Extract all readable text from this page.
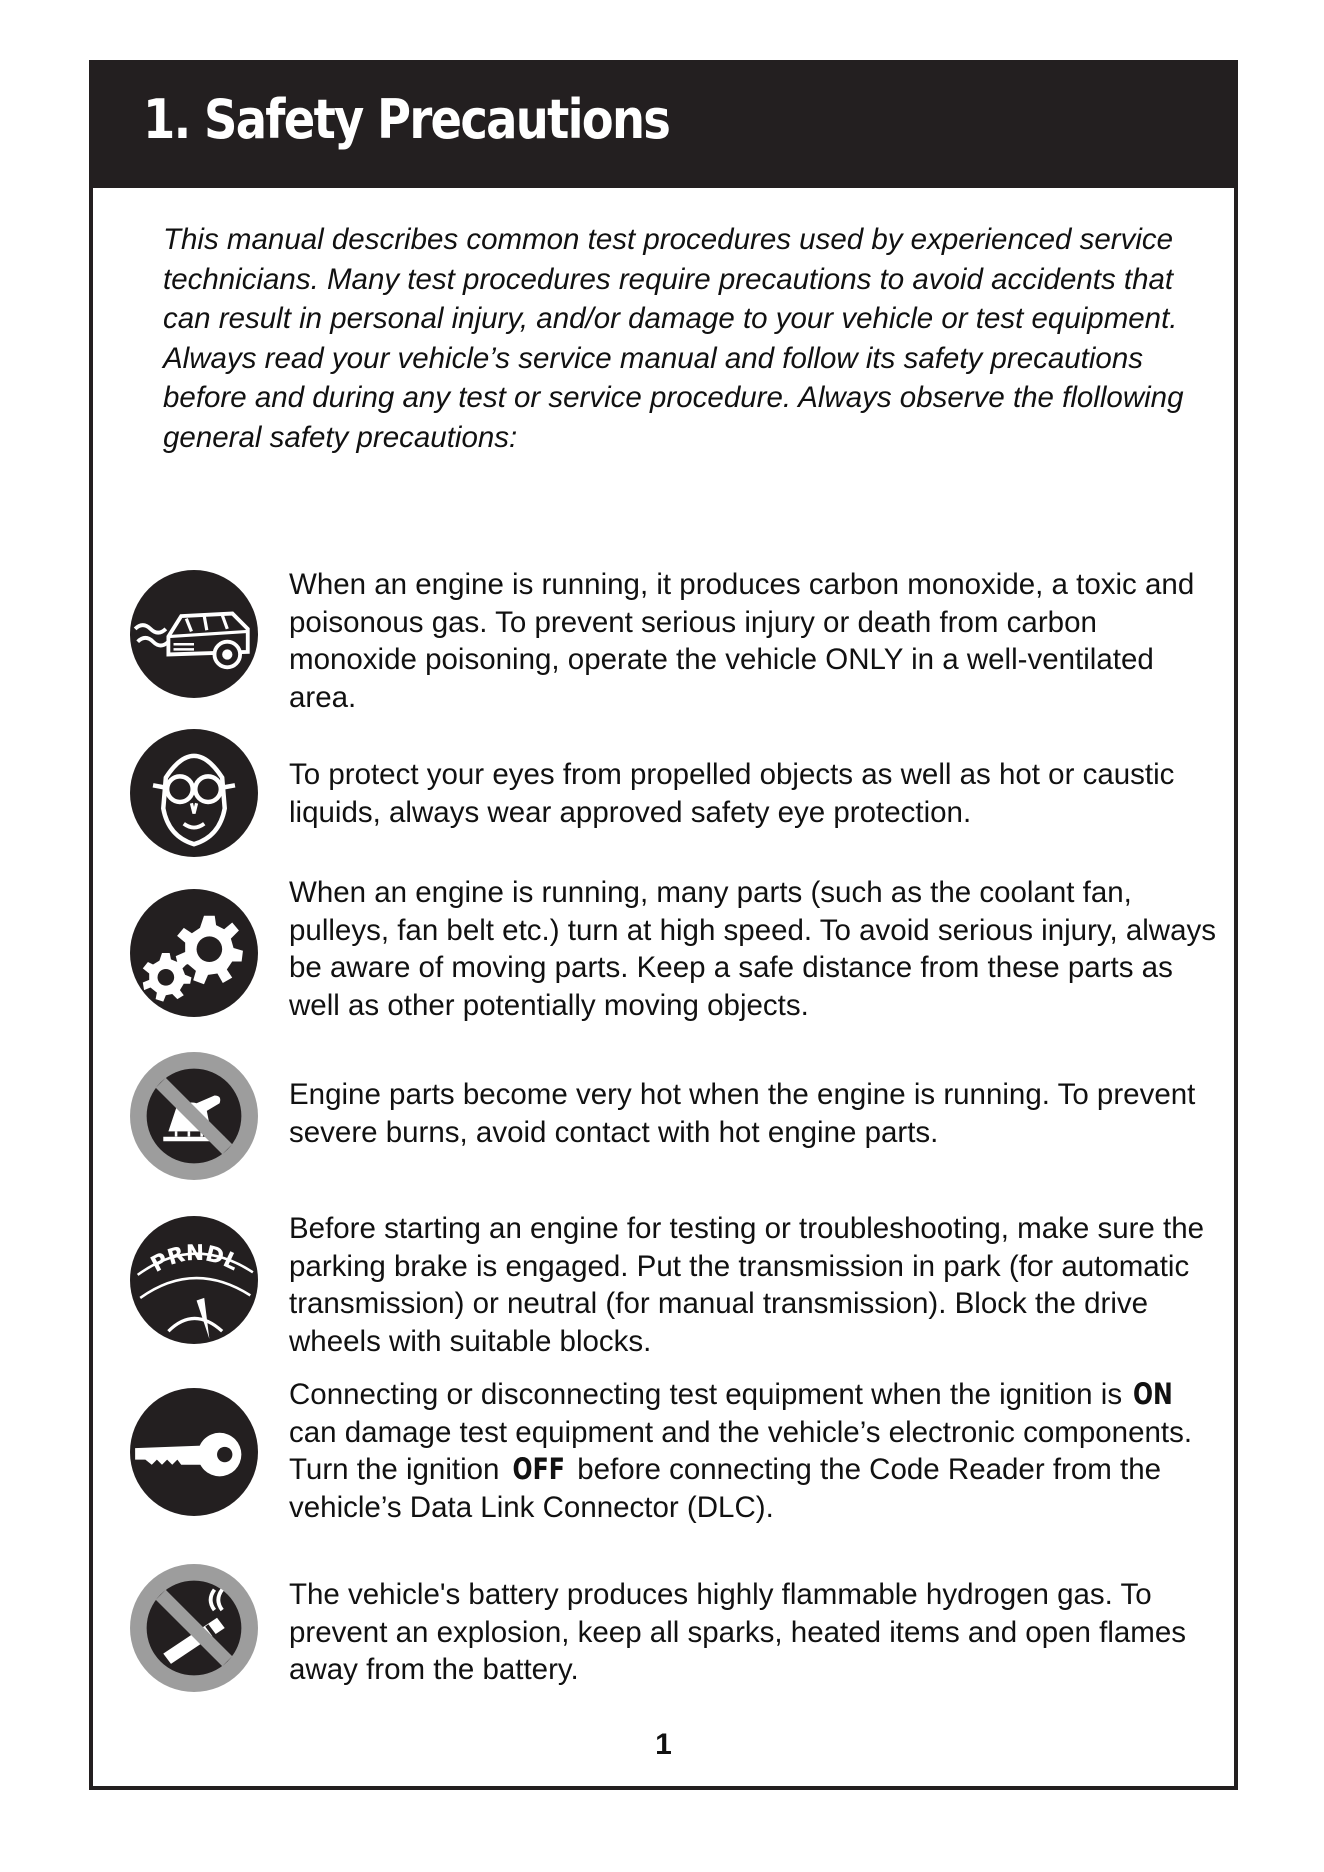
1. Safety Precautions

This manual describes common test procedures used by experienced service technicians. Many test procedures require precautions to avoid accidents that can result in personal injury, and/or damage to your vehicle or test equipment. Always read your vehicle’s service manual and follow its safety precautions before and during any test or service procedure. Always observe the flollowing general safety precautions:

When an engine is running, it produces carbon monoxide, a toxic and poisonous gas. To prevent serious injury or death from carbon monoxide poisoning, operate the vehicle ONLY in a well-ventilated area.

To protect your eyes from propelled objects as well as hot or caustic liquids, always wear approved safety eye protection.

When an engine is running, many parts (such as the coolant fan, pulleys, fan belt etc.) turn at high speed. To avoid serious injury, always be aware of moving parts. Keep a safe distance from these parts as well as other potentially moving objects.

Engine parts become very hot when the engine is running. To prevent severe burns, avoid contact with hot engine parts.

PRNDL

Before starting an engine for testing or troubleshooting, make sure the parking brake is engaged. Put the transmission in park (for automatic transmission) or neutral (for manual transmission). Block the drive wheels with suitable blocks.

Connecting or disconnecting test equipment when the ignition is ON can damage test equipment and the vehicle’s electronic components. Turn the ignition OFF before connecting the Code Reader from the vehicle’s Data Link Connector (DLC).

The vehicle's battery produces highly flammable hydrogen gas. To prevent an explosion, keep all sparks, heated items and open flames away from the battery.

1
